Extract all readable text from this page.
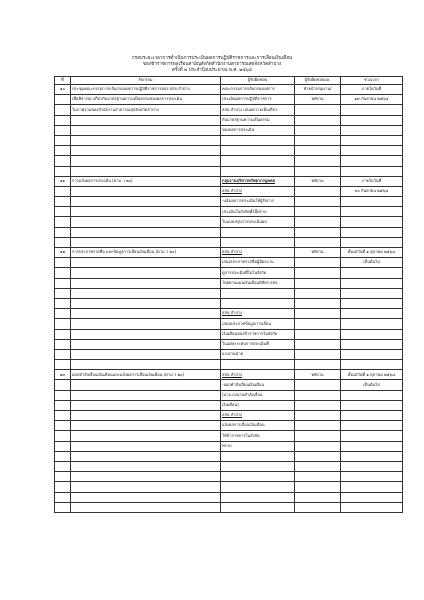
กรอบระยะเวลาการดำเนินการประเมินผลการปฏิบัติราชการและการเลื่อนเงินเดือน
ของข้าราชการพลเรือนสามัญสังกัดสำนักงานสาธารณสุขจังหวัดลำปาง
ครั้งที่ ๒ ประจำปีงบประมาณ พ.ศ. ๒๕๖๔
ที่	กิจกรรม	ผู้รับผิดชอบ	ผู้รับผิดชอบผล.	ช่วงเวลา
๑๐	ประชุมคณะกรรมการกลั่นกรองผลการปฏิบัติราชการของ สสจ.ลำปาง	คณะกรรมการกลั่นกรองผลการ	หัวหน้ากลุ่มงาน/	ภายในวันที่
	เพื่อพิจารณาเกี่ยวกับมาตรฐานความเป็นธรรมของผลการประเมิน	ประเมินผลการปฏิบัติราชการ	ทพังาน	๑๙ กันยายน ๒๕๖๔
	ในภาพรวมของสำนักงานสาธารณสุขจังหวัดลำปาง	สสจ.ลำปาง เสนอความเห็นเกี่ยว		
		กับมาตรฐานความเป็นธรรม		
		ของผลการประเมิน		

๑๑	การแจ้งผลการประเมิน (ตาม ว ๒๐)	กลุ่มงานบริหารทรัพยากรบุคคล	ทพังาน	ภายในวันที่
		สสจ.ลำปาง		๓๐ กันยายน ๒๕๖๔
		-แจ้งผลการประเมินให้ผู้รับการ		
		ประเมินในสังกัดทั้งนี้ทราบ		
		ในแบบสรุปการประเมินผล		

๑๒	การประกาศรายชื่อ และข้อมูลการเลื่อนเงินเดือน (ตาม ว ๒๐)	สสจ.ลำปาง	ทพังาน	ตั้งแต่วันที่ ๑ ตุลาคม ๒๕๖๔
		เสนอประกาศรายชื่อผู้มีผลงาน		เป็นต้นไป
		ดูการประเมินที่ไม่ในสังกัด		
		โดยผ่านแผนเงินเดือนอิสิทร สสจ.		

		สสจ.ลำปาง		
		เสนอประกาศข้อมูลการเลื่อน		
		เงินเดือนของข้าราชการในสังกัด		
		ในแต่ละระดับการประเมินที่		
		แรงงานชาย		

๑๓	ออกคำสั่งเลื่อนเงินเดือนและแจ้งผลการเลื่อนเงินเดือน (ตาม ว ๒๐)	สสจ.ลำปาง	ทพังาน	ตั้งแต่วันที่ ๑ ตุลาคม ๒๕๖๔
		-ออกคำสั่งเลื่อนเงินเดือน		เป็นต้นไป
		(มวล.ลงนามคำสั่งเลื่อน		
		เงินเดือน)		
		สสจ.ลำปาง		
		แจ้งผลการเลื่อนเงินเดือน		
		ให้ข้าราชการในสังกัด		
		ทราบ		
